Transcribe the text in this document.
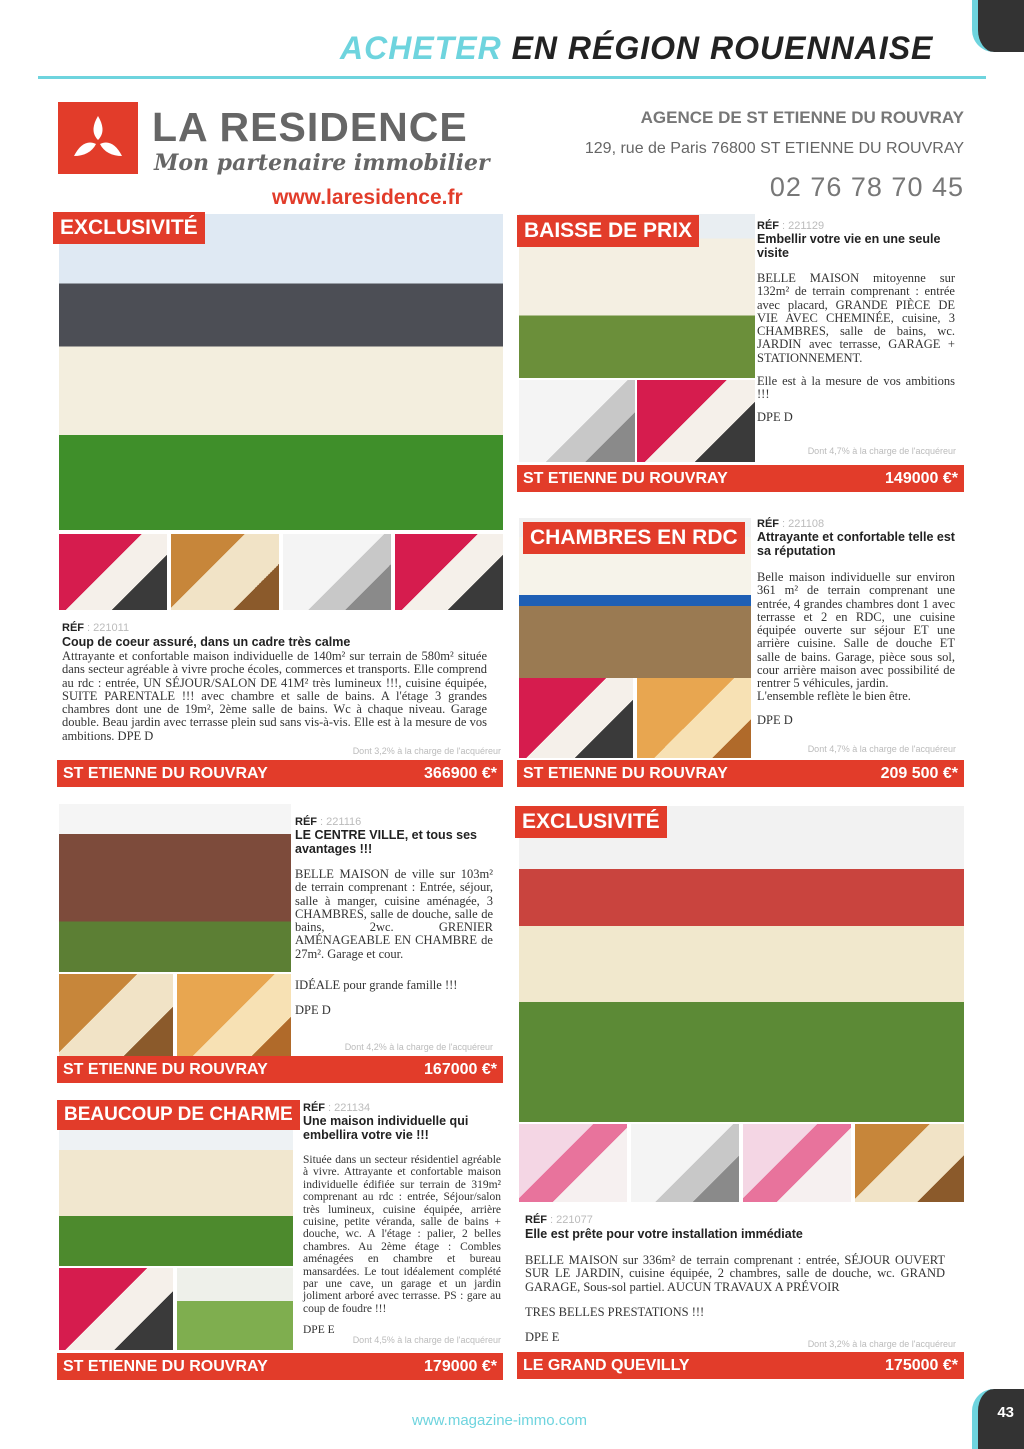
43
ACHETER EN RÉGION ROUENNAISE
LA RESIDENCE
Mon partenaire immobilier
www.laresidence.fr
AGENCE DE ST ETIENNE DU ROUVRAY
129, rue de Paris 76800 ST ETIENNE DU ROUVRAY
02 76 78 70 45
EXCLUSIVITÉ
RÉF : 221011
Coup de coeur assuré, dans un cadre très calme
Attrayante et confortable maison individuelle de 140m² sur terrain de 580m² située dans secteur agréable à vivre proche écoles, commerces et transports. Elle comprend au rdc : entrée, UN SÉJOUR/SALON DE 41M² très lumineux !!!, cuisine équipée, SUITE PARENTALE !!! avec chambre et salle de bains. A l'étage 3 grandes chambres dont une de 19m², 2ème salle de bains. Wc à chaque niveau. Garage double. Beau jardin avec terrasse plein sud sans vis-à-vis. Elle est à la mesure de vos ambitions. DPE D
Dont 3,2% à la charge de l'acquéreur
ST ETIENNE DU ROUVRAY	366900 €*
BAISSE DE PRIX	RÉF : 221129
Embellir votre vie en une seule visite

BELLE MAISON mitoyenne sur 132m² de terrain comprenant : entrée avec placard, GRANDE PIÈCE DE VIE AVEC CHEMINÉE, cuisine, 3 CHAMBRES, salle de bains, wc. JARDIN avec terrasse, GARAGE + STATIONNEMENT.

Elle est à la mesure de vos ambitions !!!

DPE D

Dont 4,7% à la charge de l'acquéreur
ST ETIENNE DU ROUVRAY	149000 €*
CHAMBRES EN RDC
RÉF : 221108
Attrayante et confortable telle est sa réputation

Belle maison individuelle sur environ 361 m² de terrain comprenant une entrée, 4 grandes chambres dont 1 avec terrasse et 2 en RDC, une cuisine équipée ouverte sur séjour ET une arrière cuisine. Salle de douche ET salle de bains. Garage, pièce sous sol, cour arrière maison avec possibilité de rentrer 5 véhicules, jardin.

L'ensemble reflète le bien être.

DPE D

Dont 4,7% à la charge de l'acquéreur
ST ETIENNE DU ROUVRAY	209 500 €*
RÉF : 221116
LE CENTRE VILLE, et tous ses avantages !!!

BELLE MAISON de ville sur 103m² de terrain comprenant : Entrée, séjour, salle à manger, cuisine aménagée, 3 CHAMBRES, salle de douche, salle de bains, 2wc. GRENIER AMÉNAGEABLE EN CHAMBRE de 27m². Garage et cour.

IDÉALE pour grande famille !!!

DPE D

Dont 4,2% à la charge de l'acquéreur
ST ETIENNE DU ROUVRAY	167000 €*
BEAUCOUP DE CHARME RÉF : 221134
Une maison individuelle qui embellira votre vie !!!
Située dans un secteur résidentiel agréable à vivre. Attrayante et confortable maison individuelle édifiée sur terrain de 319m² comprenant au rdc : entrée, Séjour/salon très lumineux, cuisine équipée, arrière cuisine, petite véranda, salle de bains + douche, wc. A l'étage : palier, 2 belles chambres. Au 2ème étage : Combles aménagées en chambre et bureau mansardées. Le tout idéalement complété par une cave, un garage et un jardin joliment arboré avec terrasse. PS : gare au coup de foudre !!!
DPE E
Dont 4,5% à la charge de l'acquéreur
ST ETIENNE DU ROUVRAY	179000 €*
EXCLUSIVITÉ
RÉF : 221077
Elle est prête pour votre installation immédiate

BELLE MAISON sur 336m² de terrain comprenant : entrée, SÉJOUR OUVERT SUR LE JARDIN, cuisine équipée, 2 chambres, salle de douche, wc. GRAND GARAGE, Sous-sol partiel. AUCUN TRAVAUX A PRÉVOIR

TRES BELLES PRESTATIONS !!!

DPE E	Dont 3,2% à la charge de l'acquéreur
LE GRAND QUEVILLY	175000 €*
www.magazine-immo.com
